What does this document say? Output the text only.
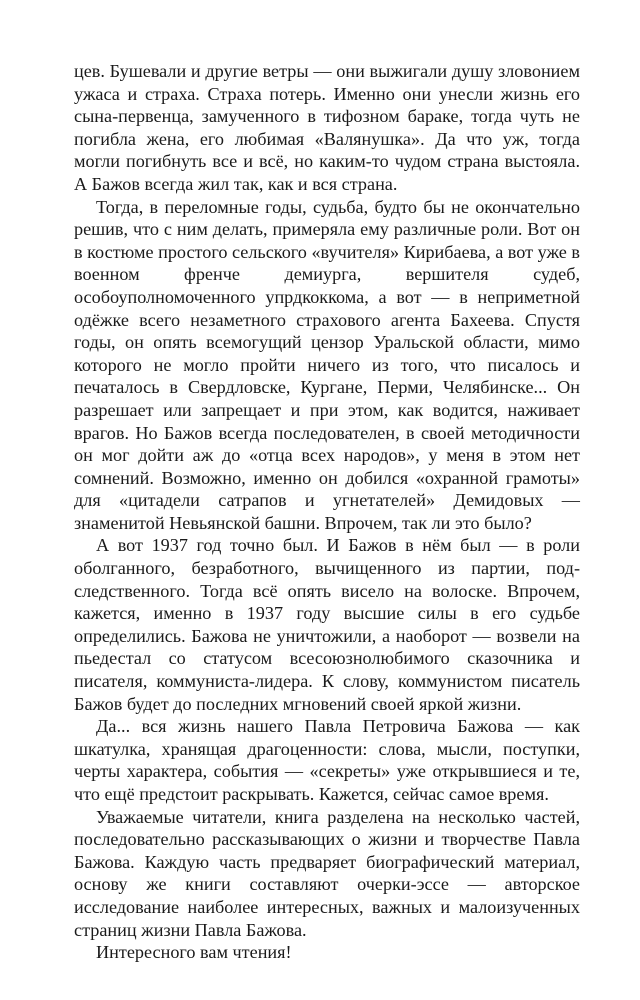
цев. Бушевали и другие ветры — они выжигали душу зловонием ужаса и страха. Страха потерь. Именно они унесли жизнь его сына-первенца, замученного в тифозном бараке, тогда чуть не погибла жена, его любимая «Валянушка». Да что уж, тогда могли погибнуть все и всё, но каким-то чудом страна выстояла. А Бажов всегда жил так, как и вся страна.

Тогда, в переломные годы, судьба, будто бы не окончательно решив, что с ним делать, примеряла ему различные роли. Вот он в костюме простого сельского «вучителя» Кирибаева, а вот уже в военном френче демиурга, вершителя судеб, особоуполномоченного упрдкоккома, а вот — в неприметной одёжке всего незаметного страхового агента Бахеева. Спустя годы, он опять всемогущий цензор Уральской области, мимо которого не могло пройти ничего из того, что писалось и печаталось в Свердловске, Кургане, Перми, Челябинске... Он разрешает или запрещает и при этом, как водится, наживает врагов. Но Бажов всегда последователен, в своей методичности он мог дойти аж до «отца всех народов», у меня в этом нет сомнений. Возможно, именно он добился «охранной грамоты» для «цитадели сатрапов и угнетателей» Демидовых — знаменитой Невьянской башни. Впрочем, так ли это было?

А вот 1937 год точно был. И Бажов в нём был — в роли оболганного, безработного, вычищенного из партии, подследственного. Тогда всё опять висело на волоске. Впрочем, кажется, именно в 1937 году высшие силы в его судьбе определились. Бажова не уничтожили, а наоборот — возвели на пьедестал со статусом всесоюзнолюбимого сказочника и писателя, коммуниста-лидера. К слову, коммунистом писатель Бажов будет до последних мгновений своей яркой жизни.

Да... вся жизнь нашего Павла Петровича Бажова — как шкатулка, хранящая драгоценности: слова, мысли, поступки, черты характера, события — «секреты» уже открывшиеся и те, что ещё предстоит раскрывать. Кажется, сейчас самое время.

Уважаемые читатели, книга разделена на несколько частей, последовательно рассказывающих о жизни и творчестве Павла Бажова. Каждую часть предваряет биографический материал, основу же книги составляют очерки-эссе — авторское исследование наиболее интересных, важных и малоизученных страниц жизни Павла Бажова.

Интересного вам чтения!
